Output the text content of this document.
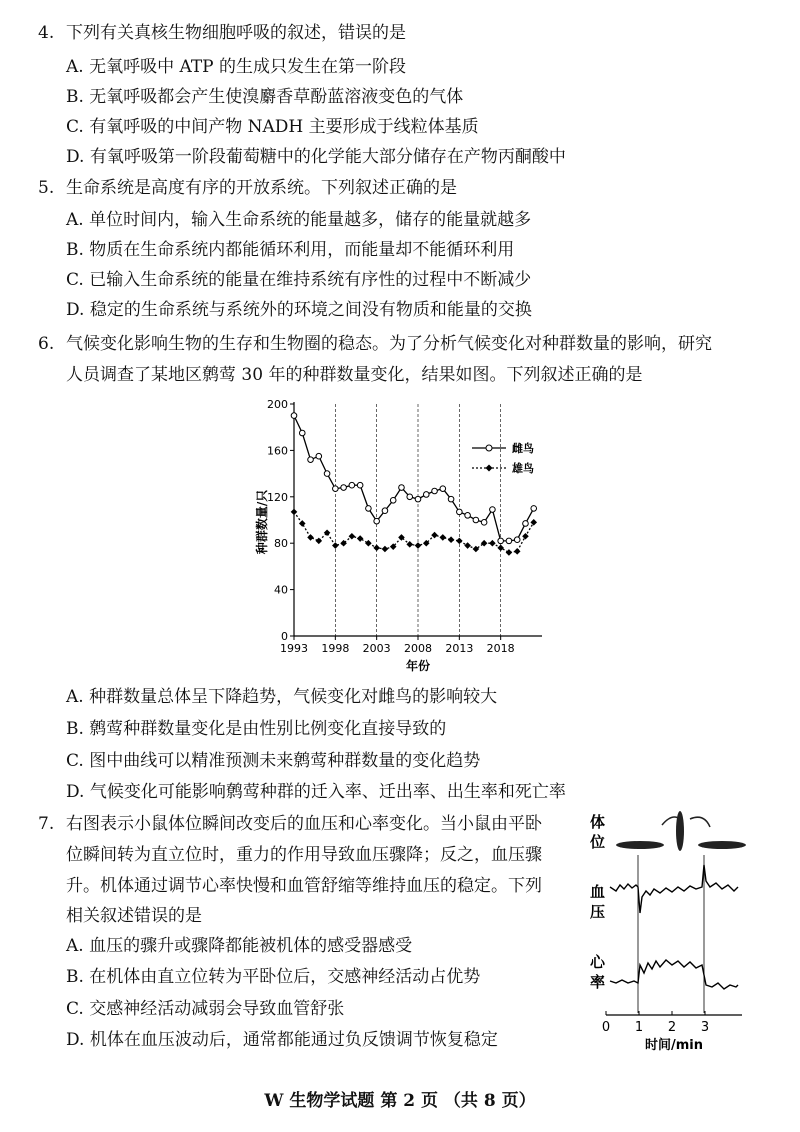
4. 下列有关真核生物细胞呼吸的叙述，错误的是
A. 无氧呼吸中 ATP 的生成只发生在第一阶段
B. 无氧呼吸都会产生使溴麝香草酚蓝溶液变色的气体
C. 有氧呼吸的中间产物 NADH 主要形成于线粒体基质
D. 有氧呼吸第一阶段葡萄糖中的化学能大部分储存在产物丙酮酸中
5. 生命系统是高度有序的开放系统。下列叙述正确的是
A. 单位时间内，输入生命系统的能量越多，储存的能量就越多
B. 物质在生命系统内都能循环利用，而能量却不能循环利用
C. 已输入生命系统的能量在维持系统有序性的过程中不断减少
D. 稳定的生命系统与系统外的环境之间没有物质和能量的交换
6. 气候变化影响生物的生存和生物圈的稳态。为了分析气候变化对种群数量的影响，研究
人员调查了某地区鹩莺 30 年的种群数量变化，结果如图。下列叙述正确的是
0
40
80
120
160
200
1993 1998 2003 2008 2013 2018
雌鸟
雄鸟
种群数量/只
年份
A. 种群数量总体呈下降趋势，气候变化对雌鸟的影响较大
B. 鹩莺种群数量变化是由性别比例变化直接导致的
C. 图中曲线可以精准预测未来鹩莺种群数量的变化趋势
D. 气候变化可能影响鹩莺种群的迁入率、迁出率、出生率和死亡率
7. 右图表示小鼠体位瞬间改变后的血压和心率变化。当小鼠由平卧
位瞬间转为直立位时，重力的作用导致血压骤降；反之，血压骤
升。机体通过调节心率快慢和血管舒缩等维持血压的稳定。下列
相关叙述错误的是
A. 血压的骤升或骤降都能被机体的感受器感受
B. 在机体由直立位转为平卧位后，交感神经活动占优势
C. 交感神经活动减弱会导致血管舒张
D. 机体在血压波动后，通常都能通过负反馈调节恢复稳定
体
位
血
压
心
率
0 1 2 3
时间/min
W 生物学试题 第 2 页 （共 8 页）
